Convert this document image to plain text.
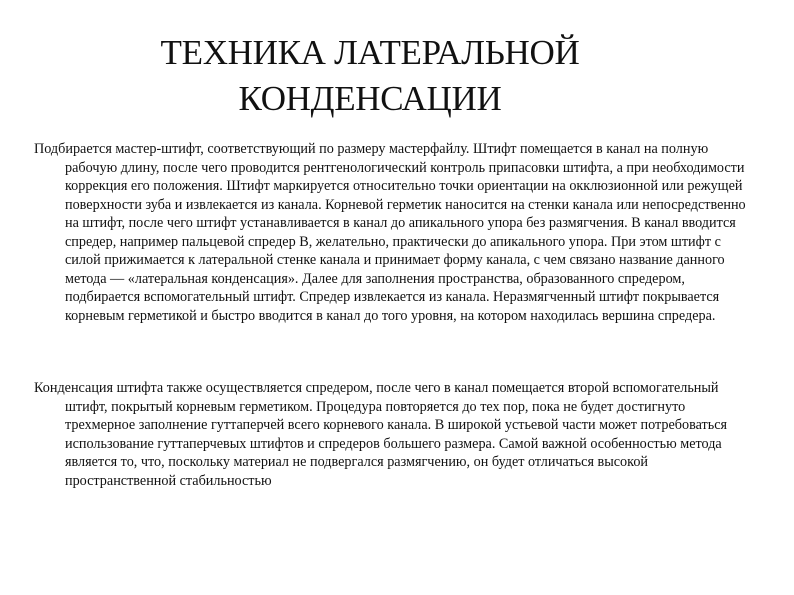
ТЕХНИКА ЛАТЕРАЛЬНОЙ
КОНДЕНСАЦИИ

Подбирается мастер-штифт, соответствующий по размеру мастерфайлу. Штифт помещается в канал на полную рабочую длину, после чего проводится рентгенологический контроль припасовки штифта, а при необходимости коррекция его положения. Штифт маркируется относительно точки ориентации на окклюзионной или режущей поверхности зуба и извлекается из канала. Корневой герметик наносится на стенки канала или непосредственно на штифт, после чего штифт устанавливается в канал до апикального упора без размягчения. В канал вводится спредер, например пальцевой спредер В, желательно, практически до апикального упора. При этом штифт с силой прижимается к латеральной стенке канала и принимает форму канала, с чем связано название данного метода — «латеральная конденсация». Далее для заполнения пространства, образованного спредером, подбирается вспомогательный штифт. Спредер извлекается из канала. Неразмягченный штифт покрывается корневым герметикой и быстро вводится в канал до того уровня, на котором находилась вершина спредера.

Конденсация штифта также осуществляется спредером, после чего в канал помещается второй вспомогательный штифт, покрытый корневым герметиком. Процедура повторяется до тех пор, пока не будет достигнуто трехмерное заполнение гуттаперчей всего корневого канала. В широкой устьевой части может потребоваться использование гуттаперчевых штифтов и спредеров большего размера. Самой важной особенностью метода является то, что, поскольку материал не подвергался размягчению, он будет отличаться высокой пространственной стабильностью
